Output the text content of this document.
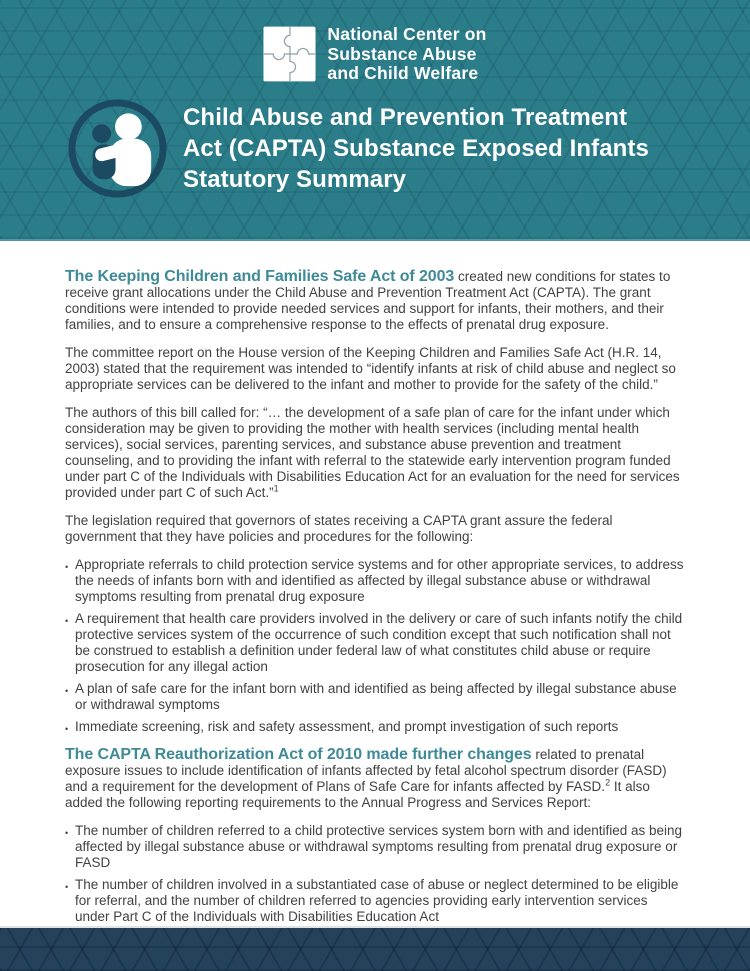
National Center on
Substance Abuse
and Child Welfare
Child Abuse and Prevention Treatment
Act (CAPTA) Substance Exposed Infants
Statutory Summary

The Keeping Children and Families Safe Act of 2003 created new conditions for states to receive grant allocations under the Child Abuse and Prevention Treatment Act (CAPTA). The grant conditions were intended to provide needed services and support for infants, their mothers, and their families, and to ensure a comprehensive response to the effects of prenatal drug exposure.

The committee report on the House version of the Keeping Children and Families Safe Act (H.R. 14, 2003) stated that the requirement was intended to “identify infants at risk of child abuse and neglect so appropriate services can be delivered to the infant and mother to provide for the safety of the child.”

The authors of this bill called for: “… the development of a safe plan of care for the infant under which consideration may be given to providing the mother with health services (including mental health services), social services, parenting services, and substance abuse prevention and treatment counseling, and to providing the infant with referral to the statewide early intervention program funded under part C of the Individuals with Disabilities Education Act for an evaluation for the need for services provided under part C of such Act.”$^1$

The legislation required that governors of states receiving a CAPTA grant assure the federal government that they have policies and procedures for the following:

• Appropriate referrals to child protection service systems and for other appropriate services, to address the needs of infants born with and identified as affected by illegal substance abuse or withdrawal symptoms resulting from prenatal drug exposure
• A requirement that health care providers involved in the delivery or care of such infants notify the child protective services system of the occurrence of such condition except that such notification shall not be construed to establish a definition under federal law of what constitutes child abuse or require prosecution for any illegal action
• A plan of safe care for the infant born with and identified as being affected by illegal substance abuse or withdrawal symptoms
• Immediate screening, risk and safety assessment, and prompt investigation of such reports

The CAPTA Reauthorization Act of 2010 made further changes related to prenatal exposure issues to include identification of infants affected by fetal alcohol spectrum disorder (FASD) and a requirement for the development of Plans of Safe Care for infants affected by FASD.$^2$ It also added the following reporting requirements to the Annual Progress and Services Report:

• The number of children referred to a child protective services system born with and identified as being affected by illegal substance abuse or withdrawal symptoms resulting from prenatal drug exposure or FASD
• The number of children involved in a substantiated case of abuse or neglect determined to be eligible for referral, and the number of children referred to agencies providing early intervention services under Part C of the Individuals with Disabilities Education Act
